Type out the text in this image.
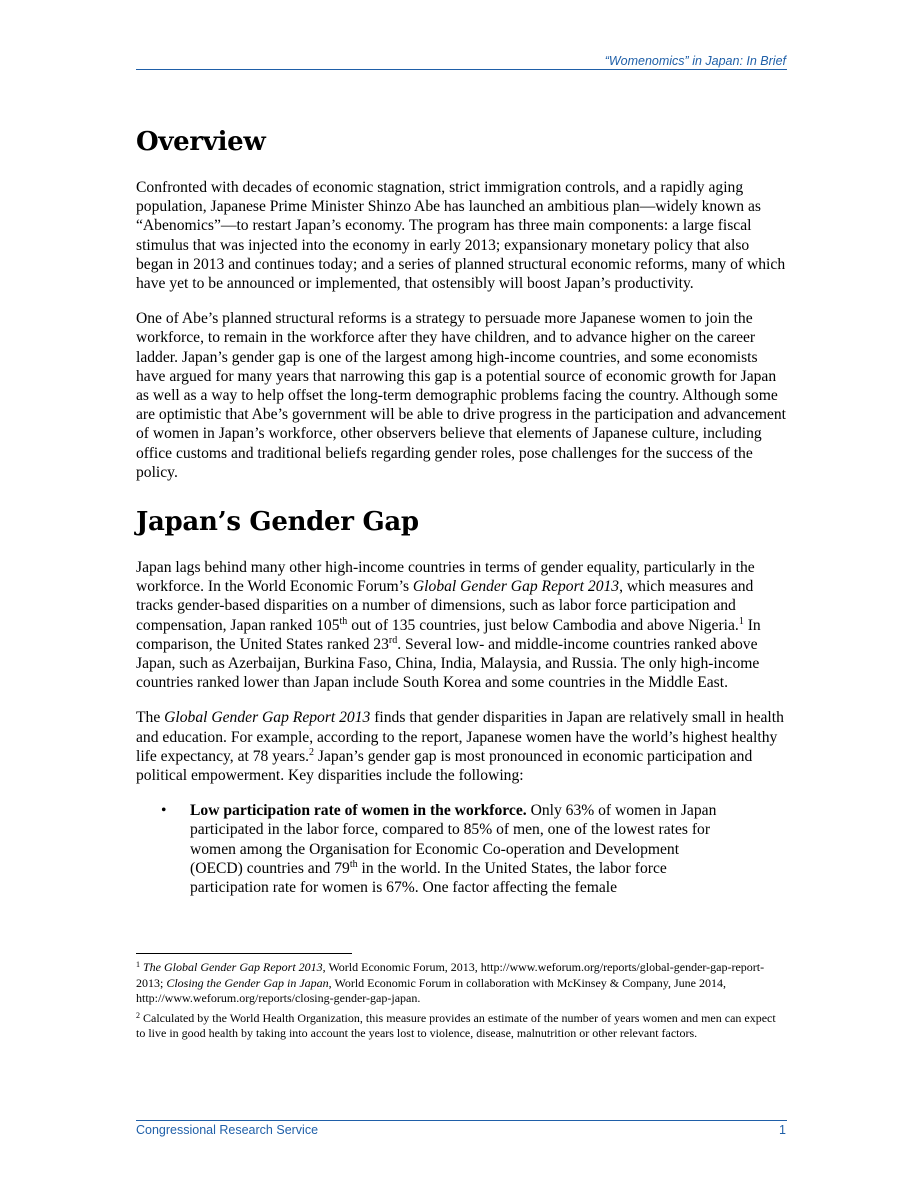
“Womenomics” in Japan: In Brief
Overview

Confronted with decades of economic stagnation, strict immigration controls, and a rapidly aging population, Japanese Prime Minister Shinzo Abe has launched an ambitious plan—widely known as “Abenomics”—to restart Japan’s economy. The program has three main components: a large fiscal stimulus that was injected into the economy in early 2013; expansionary monetary policy that also began in 2013 and continues today; and a series of planned structural economic reforms, many of which have yet to be announced or implemented, that ostensibly will boost Japan’s productivity.

One of Abe’s planned structural reforms is a strategy to persuade more Japanese women to join the workforce, to remain in the workforce after they have children, and to advance higher on the career ladder. Japan’s gender gap is one of the largest among high-income countries, and some economists have argued for many years that narrowing this gap is a potential source of economic growth for Japan as well as a way to help offset the long-term demographic problems facing the country. Although some are optimistic that Abe’s government will be able to drive progress in the participation and advancement of women in Japan’s workforce, other observers believe that elements of Japanese culture, including office customs and traditional beliefs regarding gender roles, pose challenges for the success of the policy.

Japan’s Gender Gap

Japan lags behind many other high-income countries in terms of gender equality, particularly in the workforce. In the World Economic Forum’s Global Gender Gap Report 2013, which measures and tracks gender-based disparities on a number of dimensions, such as labor force participation and compensation, Japan ranked 105th out of 135 countries, just below Cambodia and above Nigeria.$^1$ In comparison, the United States ranked 23rd. Several low- and middle-income countries ranked above Japan, such as Azerbaijan, Burkina Faso, China, India, Malaysia, and Russia. The only high-income countries ranked lower than Japan include South Korea and some countries in the Middle East.

The Global Gender Gap Report 2013 finds that gender disparities in Japan are relatively small in health and education. For example, according to the report, Japanese women have the world’s highest healthy life expectancy, at 78 years.$^2$ Japan’s gender gap is most pronounced in economic participation and political empowerment. Key disparities include the following:

• Low participation rate of women in the workforce. Only 63% of women in Japan participated in the labor force, compared to 85% of men, one of the lowest rates for women among the Organisation for Economic Co-operation and Development (OECD) countries and 79th in the world. In the United States, the labor force participation rate for women is 67%. One factor affecting the female

$^1$ The Global Gender Gap Report 2013, World Economic Forum, 2013, http://www.weforum.org/reports/global-gender-gap-report-2013; Closing the Gender Gap in Japan, World Economic Forum in collaboration with McKinsey & Company, June 2014, http://www.weforum.org/reports/closing-gender-gap-japan.

$^2$ Calculated by the World Health Organization, this measure provides an estimate of the number of years women and men can expect to live in good health by taking into account the years lost to violence, disease, malnutrition or other relevant factors.

Congressional Research Service	1
